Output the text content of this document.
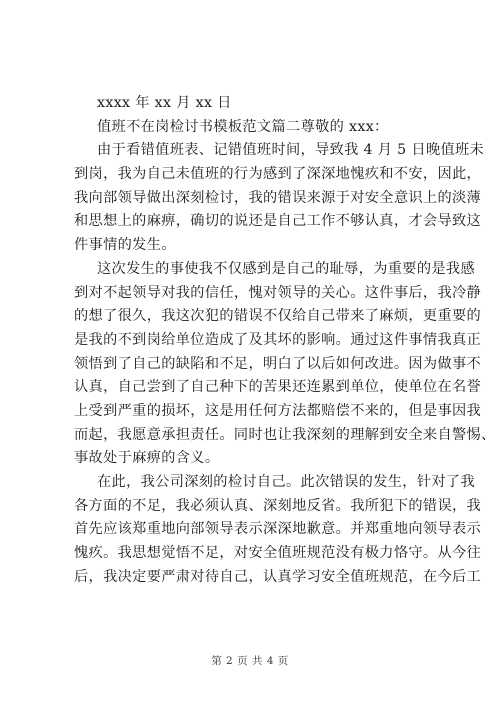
xxxx 年 xx 月 xx 日
值班不在岗检讨书模板范文篇二尊敬的 xxx：
由于看错值班表、记错值班时间，导致我 4 月 5 日晚值班未
到岗，我为自己未值班的行为感到了深深地愧疚和不安，因此，
我向部领导做出深刻检讨，我的错误来源于对安全意识上的淡薄
和思想上的麻痹，确切的说还是自己工作不够认真，才会导致这
件事情的发生。
这次发生的事使我不仅感到是自己的耻辱，为重要的是我感
到对不起领导对我的信任，愧对领导的关心。这件事后，我冷静
的想了很久，我这次犯的错误不仅给自己带来了麻烦，更重要的
是我的不到岗给单位造成了及其坏的影响。通过这件事情我真正
领悟到了自己的缺陷和不足，明白了以后如何改进。因为做事不
认真，自己尝到了自己种下的苦果还连累到单位，使单位在名誉
上受到严重的损坏，这是用任何方法都赔偿不来的，但是事因我
而起，我愿意承担责任。同时也让我深刻的理解到安全来自警惕、
事故处于麻痹的含义。
在此，我公司深刻的检讨自己。此次错误的发生，针对了我
各方面的不足，我必须认真、深刻地反省。我所犯下的错误，我
首先应该郑重地向部领导表示深深地歉意。并郑重地向领导表示
愧疚。我思想觉悟不足，对安全值班规范没有极力恪守。从今往
后，我决定要严肃对待自己，认真学习安全值班规范，在今后工
第 2 页 共 4 页
